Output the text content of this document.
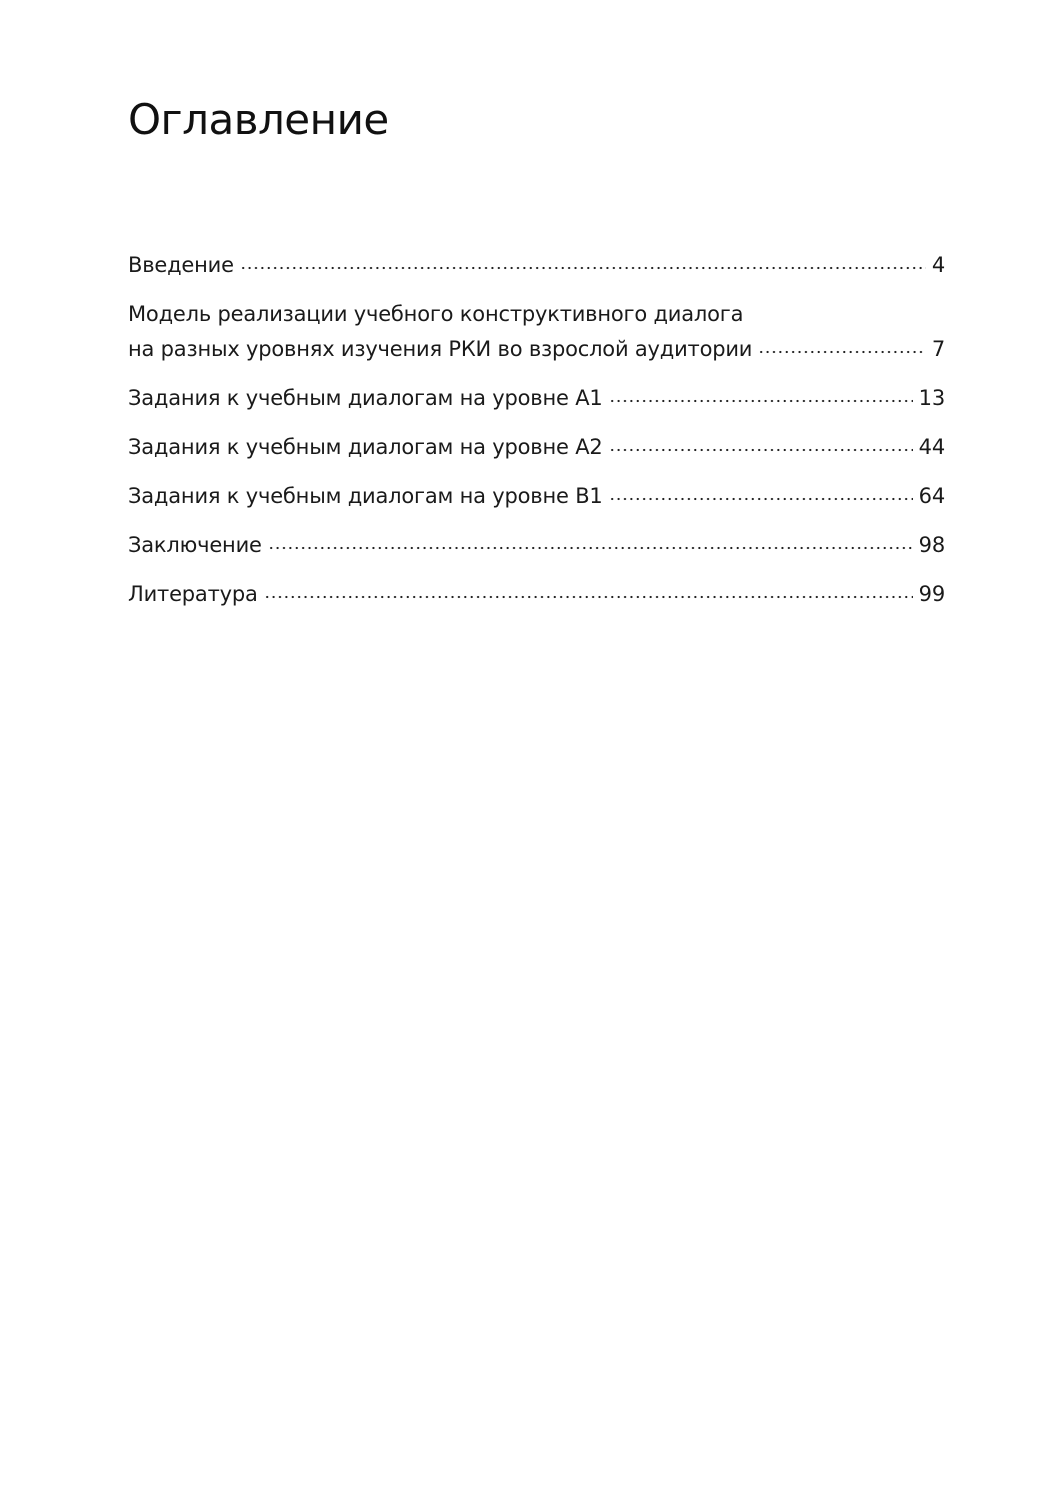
Оглавление
Введение	4
Модель реализации учебного конструктивного диалога
на разных уровнях изучения РКИ во взрослой аудитории	7
Задания к учебным диалогам на уровне А1	13
Задания к учебным диалогам на уровне А2	44
Задания к учебным диалогам на уровне В1	64
Заключение	98
Литература	99
